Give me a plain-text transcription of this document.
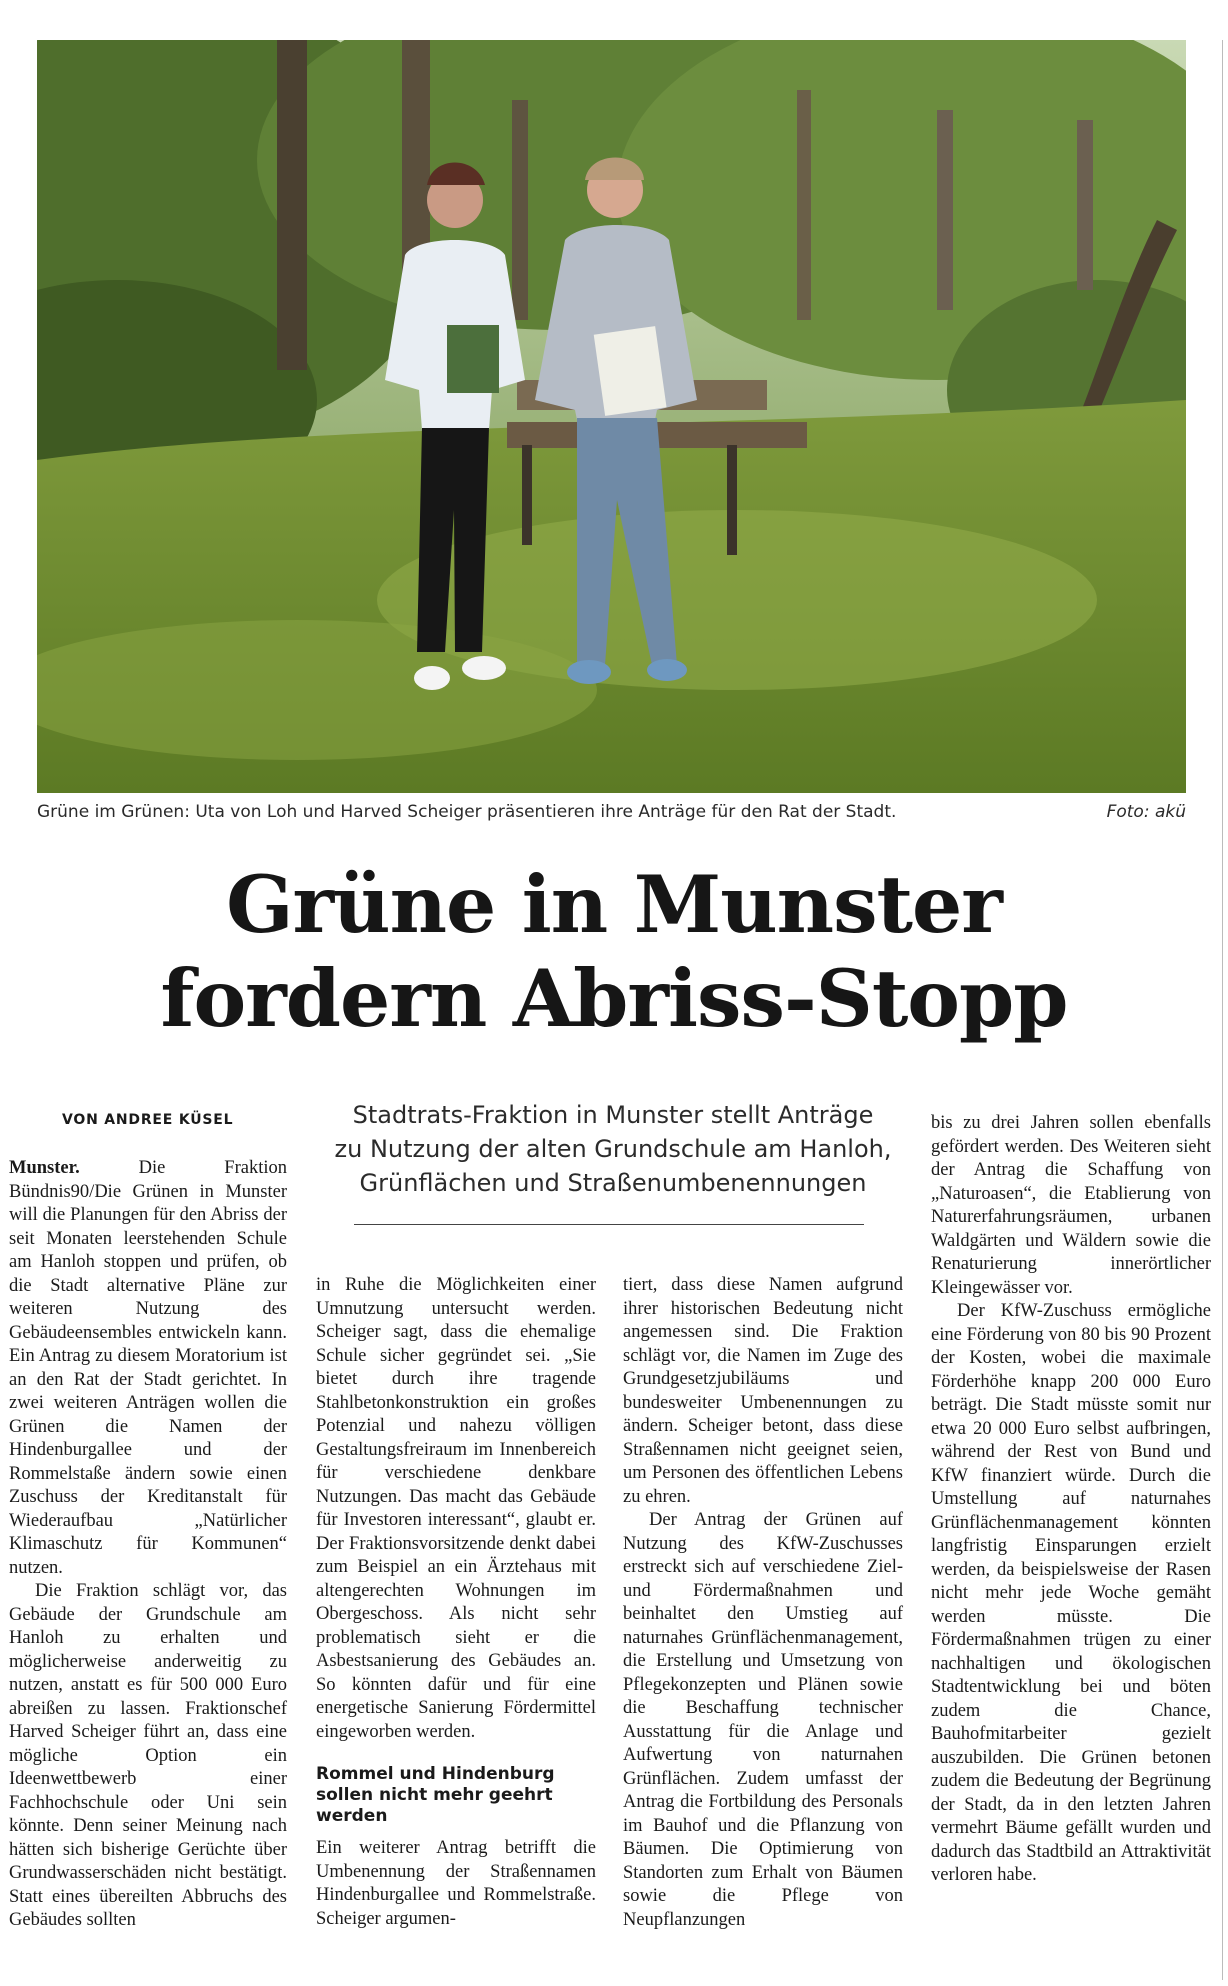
Grüne im Grünen: Uta von Loh und Harved Scheiger präsentieren ihre Anträge für den Rat der Stadt.	Foto: akü
Grüne in Munster
fordern Abriss-Stopp
VON ANDREE KÜSEL	Stadtrats-Fraktion in Munster stellt Anträge
zu Nutzung der alten Grundschule am Hanloh,
Grünflächen und Straßenumbenennungen

Munster. Die Fraktion Bündnis90/Die Grünen in Munster will die Planungen für den Abriss der seit Monaten leerstehenden Schule am Hanloh stoppen und prüfen, ob die Stadt alternative Pläne zur weiteren Nutzung des Gebäudeensembles entwickeln kann. Ein Antrag zu diesem Moratorium ist an den Rat der Stadt gerichtet. In zwei weiteren Anträgen wollen die Grünen die Namen der Hindenburgallee und der Rommelstaße ändern sowie einen Zuschuss der Kreditanstalt für Wiederaufbau „Natürlicher Klimaschutz für Kommunen“ nutzen.

Die Fraktion schlägt vor, das Gebäude der Grundschule am Hanloh zu erhalten und möglicherweise anderweitig zu nutzen, anstatt es für 500 000 Euro abreißen zu lassen. Fraktionschef Harved Scheiger führt an, dass eine mögliche Option ein Ideenwettbewerb einer Fachhochschule oder Uni sein könnte. Denn seiner Meinung nach hätten sich bisherige Gerüchte über Grundwasserschäden nicht bestätigt. Statt eines übereilten Abbruchs des Gebäudes sollten

in Ruhe die Möglichkeiten einer Umnutzung untersucht werden. Scheiger sagt, dass die ehemalige Schule sicher gegründet sei. „Sie bietet durch ihre tragende Stahlbetonkonstruktion ein großes Potenzial und nahezu völligen Gestaltungsfreiraum im Innenbereich für verschiedene denkbare Nutzungen. Das macht das Gebäude für Investoren interessant“, glaubt er. Der Fraktionsvorsitzende denkt dabei zum Beispiel an ein Ärztehaus mit altengerechten Wohnungen im Obergeschoss. Als nicht sehr problematisch sieht er die Asbestsanierung des Gebäudes an. So könnten dafür und für eine energetische Sanierung Fördermittel eingeworben werden.

Rommel und Hindenburg sollen nicht mehr geehrt werden

Ein weiterer Antrag betrifft die Umbenennung der Straßennamen Hindenburgallee und Rommelstraße. Scheiger argumen-

tiert, dass diese Namen aufgrund ihrer historischen Bedeutung nicht angemessen sind. Die Fraktion schlägt vor, die Namen im Zuge des Grundgesetzjubiläums und bundesweiter Umbenennungen zu ändern. Scheiger betont, dass diese Straßennamen nicht geeignet seien, um Personen des öffentlichen Lebens zu ehren.

Der Antrag der Grünen auf Nutzung des KfW-Zuschusses erstreckt sich auf verschiedene Ziel- und Fördermaßnahmen und beinhaltet den Umstieg auf naturnahes Grünflächenmanagement, die Erstellung und Umsetzung von Pflegekonzepten und Plänen sowie die Beschaffung technischer Ausstattung für die Anlage und Aufwertung von naturnahen Grünflächen. Zudem umfasst der Antrag die Fortbildung des Personals im Bauhof und die Pflanzung von Bäumen. Die Optimierung von Standorten zum Erhalt von Bäumen sowie die Pflege von Neupflanzungen

bis zu drei Jahren sollen ebenfalls gefördert werden. Des Weiteren sieht der Antrag die Schaffung von „Naturoasen“, die Etablierung von Naturerfahrungsräumen, urbanen Waldgärten und Wäldern sowie die Renaturierung innerörtlicher Kleingewässer vor.

Der KfW-Zuschuss ermögliche eine Förderung von 80 bis 90 Prozent der Kosten, wobei die maximale Förderhöhe knapp 200 000 Euro beträgt. Die Stadt müsste somit nur etwa 20 000 Euro selbst aufbringen, während der Rest von Bund und KfW finanziert würde. Durch die Umstellung auf naturnahes Grünflächenmanagement könnten langfristig Einsparungen erzielt werden, da beispielsweise der Rasen nicht mehr jede Woche gemäht werden müsste. Die Fördermaßnahmen trügen zu einer nachhaltigen und ökologischen Stadtentwicklung bei und böten zudem die Chance, Bauhofmitarbeiter gezielt auszubilden. Die Grünen betonen zudem die Bedeutung der Begrünung der Stadt, da in den letzten Jahren vermehrt Bäume gefällt wurden und dadurch das Stadtbild an Attraktivität verloren habe.
